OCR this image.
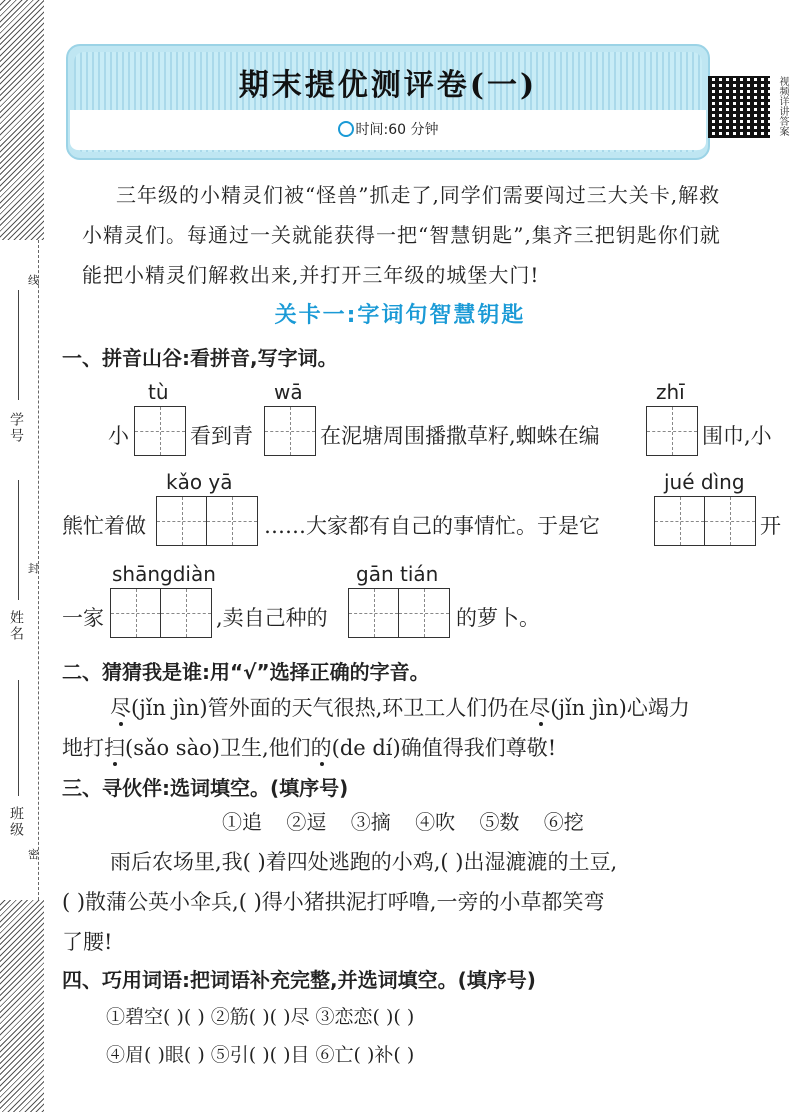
线
封
密
学号
姓名
班级
期末提优测评卷(一)
时间:60 分钟	视频详讲答案
三年级的小精灵们被“怪兽”抓走了,同学们需要闯过三大关卡,解救
小精灵们。每通过一关就能获得一把“智慧钥匙”,集齐三把钥匙你们就
能把小精灵们解救出来,并打开三年级的城堡大门!
关卡一:字词句智慧钥匙
一、拼音山谷:看拼音,写字词。
tù	wā	zhī
小	看到青	在泥塘周围播撒草籽,蜘蛛在编	围巾,小
kǎo yā	jué dìng
熊忙着做	……大家都有自己的事情忙。于是它	开
shāngdiàn	gān tián
一家	,卖自己种的	的萝卜。
二、猜猜我是谁:用“√”选择正确的字音。
尽(jǐn jìn)管外面的天气很热,环卫工人们仍在尽(jǐn jìn)心竭力
地打扫(sǎo sào)卫生,他们的(de dí)确值得我们尊敬!
三、寻伙伴:选词填空。(填序号)
①追 ②逗 ③摘 ④吹 ⑤数 ⑥挖
雨后农场里,我( )着四处逃跑的小鸡,( )出湿漉漉的土豆,
( )散蒲公英小伞兵,( )得小猪拱泥打呼噜,一旁的小草都笑弯
了腰!
四、巧用词语:把词语补充完整,并选词填空。(填序号)
①碧空( )( ) ②筋( )( )尽 ③恋恋( )( )
④眉( )眼( ) ⑤引( )( )目 ⑥亡( )补( )
